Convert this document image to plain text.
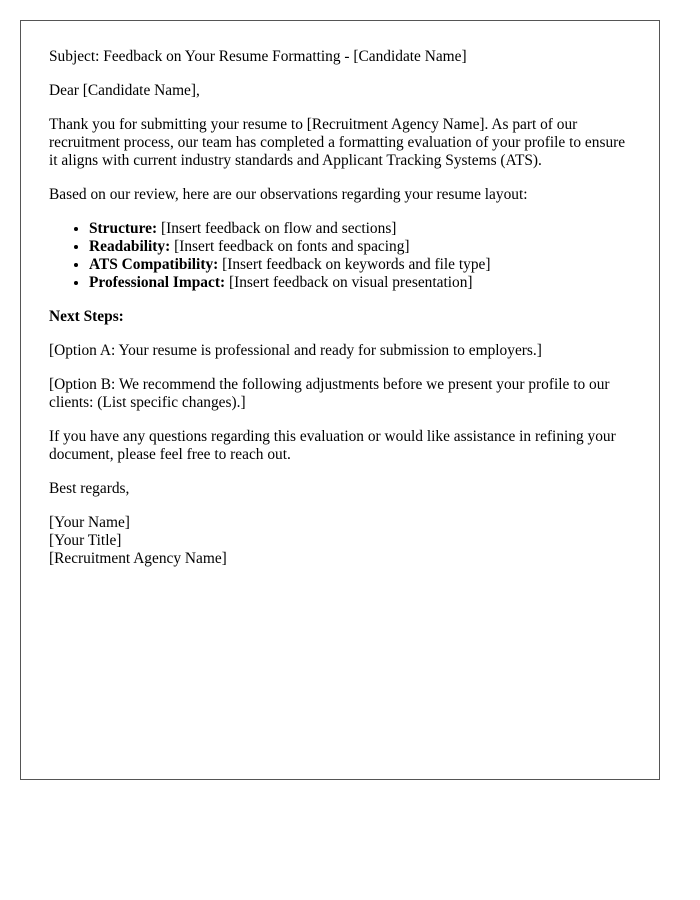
Subject: Feedback on Your Resume Formatting - [Candidate Name]

Dear [Candidate Name],

Thank you for submitting your resume to [Recruitment Agency Name]. As part of our recruitment process, our team has completed a formatting evaluation of your profile to ensure it aligns with current industry standards and Applicant Tracking Systems (ATS).

Based on our review, here are our observations regarding your resume layout:

• Structure: [Insert feedback on flow and sections]
• Readability: [Insert feedback on fonts and spacing]
• ATS Compatibility: [Insert feedback on keywords and file type]
• Professional Impact: [Insert feedback on visual presentation]

Next Steps:

[Option A: Your resume is professional and ready for submission to employers.]

[Option B: We recommend the following adjustments before we present your profile to our clients: (List specific changes).]

If you have any questions regarding this evaluation or would like assistance in refining your document, please feel free to reach out.

Best regards,

[Your Name]
[Your Title]
[Recruitment Agency Name]
